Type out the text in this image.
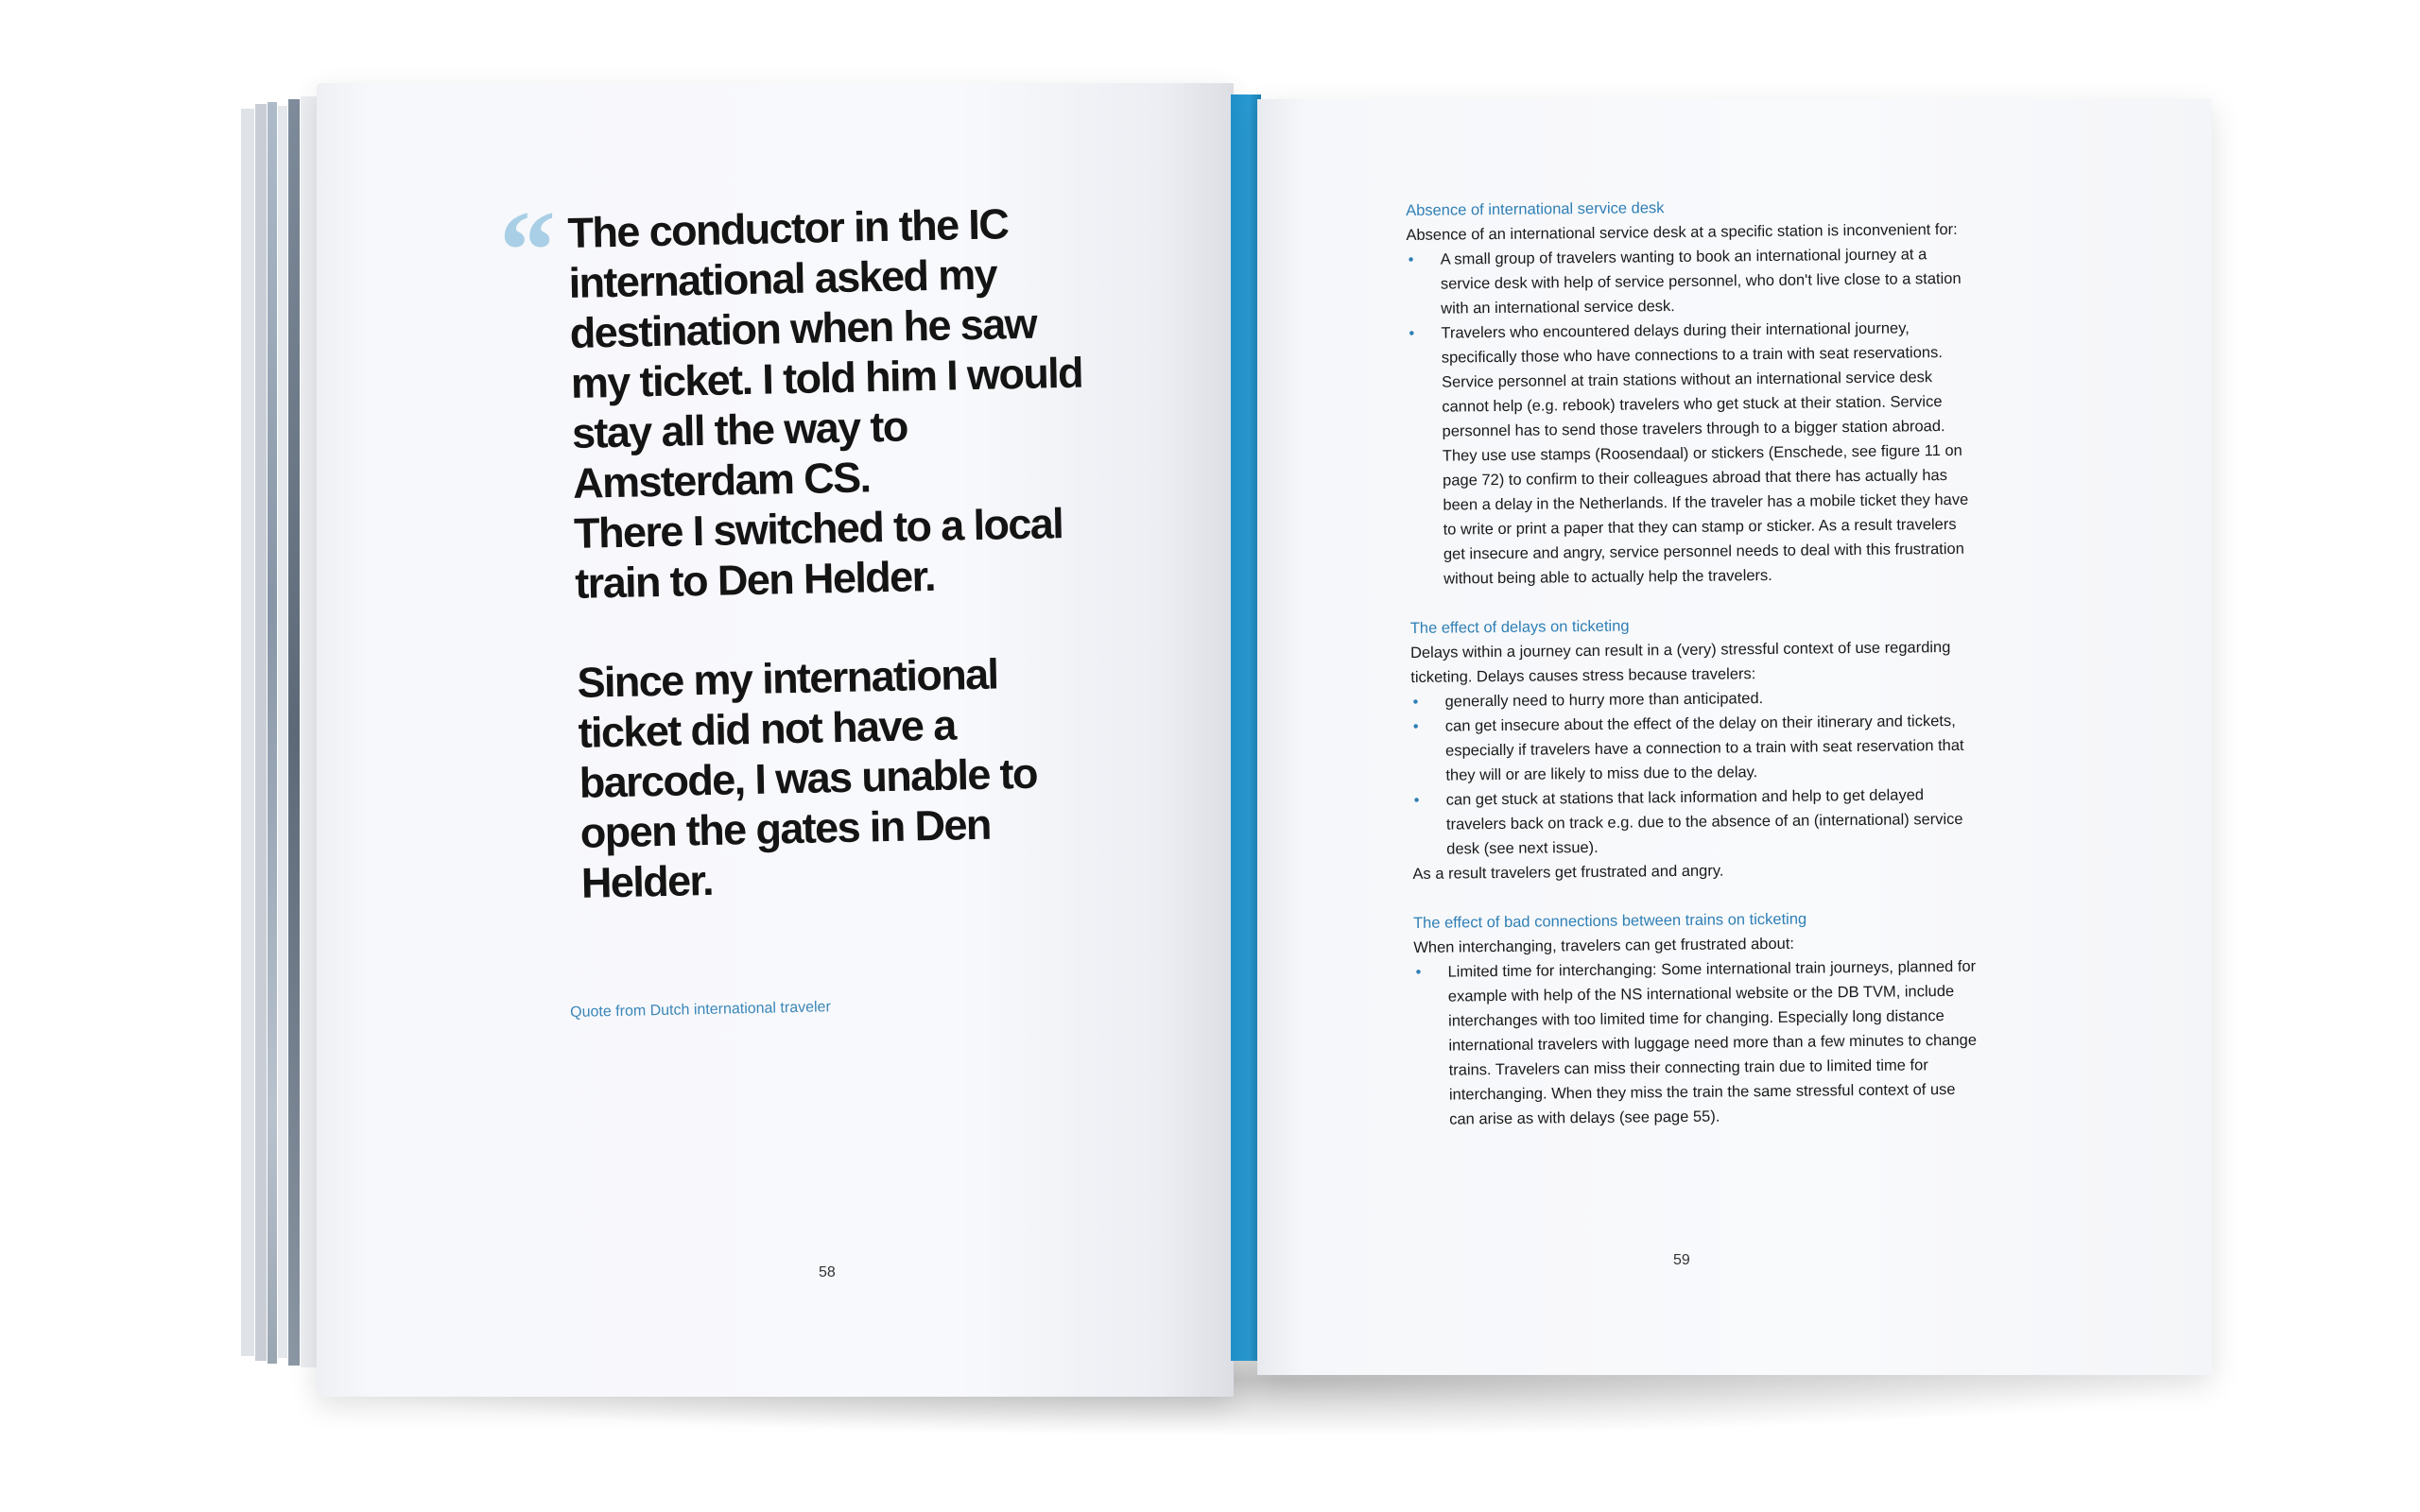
“ The conductor in the IC
international asked my
destination when he saw
my ticket. I told him I would
stay all the way to
Amsterdam CS.
There I switched to a local
train to Den Helder.

Since my international
ticket did not have a
barcode, I was unable to
open the gates in Den
Helder.

Quote from Dutch international traveler
58

Absence of international service desk

Absence of an international service desk at a specific station is inconvenient for:

• A small group of travelers wanting to book an international journey at a service desk with help of service personnel, who don't live close to a station with an international service desk.
• Travelers who encountered delays during their international journey, specifically those who have connections to a train with seat reservations. Service personnel at train stations without an international service desk cannot help (e.g. rebook) travelers who get stuck at their station. Service personnel has to send those travelers through to a bigger station abroad. They use use stamps (Roosendaal) or stickers (Enschede, see figure 11 on page 72) to confirm to their colleagues abroad that there has actually has been a delay in the Netherlands. If the traveler has a mobile ticket they have to write or print a paper that they can stamp or sticker. As a result travelers get insecure and angry, service personnel needs to deal with this frustration without being able to actually help the travelers.

The effect of delays on ticketing

Delays within a journey can result in a (very) stressful context of use regarding ticketing. Delays causes stress because travelers:

• generally need to hurry more than anticipated.
• can get insecure about the effect of the delay on their itinerary and tickets, especially if travelers have a connection to a train with seat reservation that they will or are likely to miss due to the delay.
• can get stuck at stations that lack information and help to get delayed travelers back on track e.g. due to the absence of an (international) service desk (see next issue).

As a result travelers get frustrated and angry.

The effect of bad connections between trains on ticketing

When interchanging, travelers can get frustrated about:

• Limited time for interchanging: Some international train journeys, planned for example with help of the NS international website or the DB TVM, include interchanges with too limited time for changing. Especially long distance international travelers with luggage need more than a few minutes to change trains. Travelers can miss their connecting train due to limited time for interchanging. When they miss the train the same stressful context of use can arise as with delays (see page 55).
59
